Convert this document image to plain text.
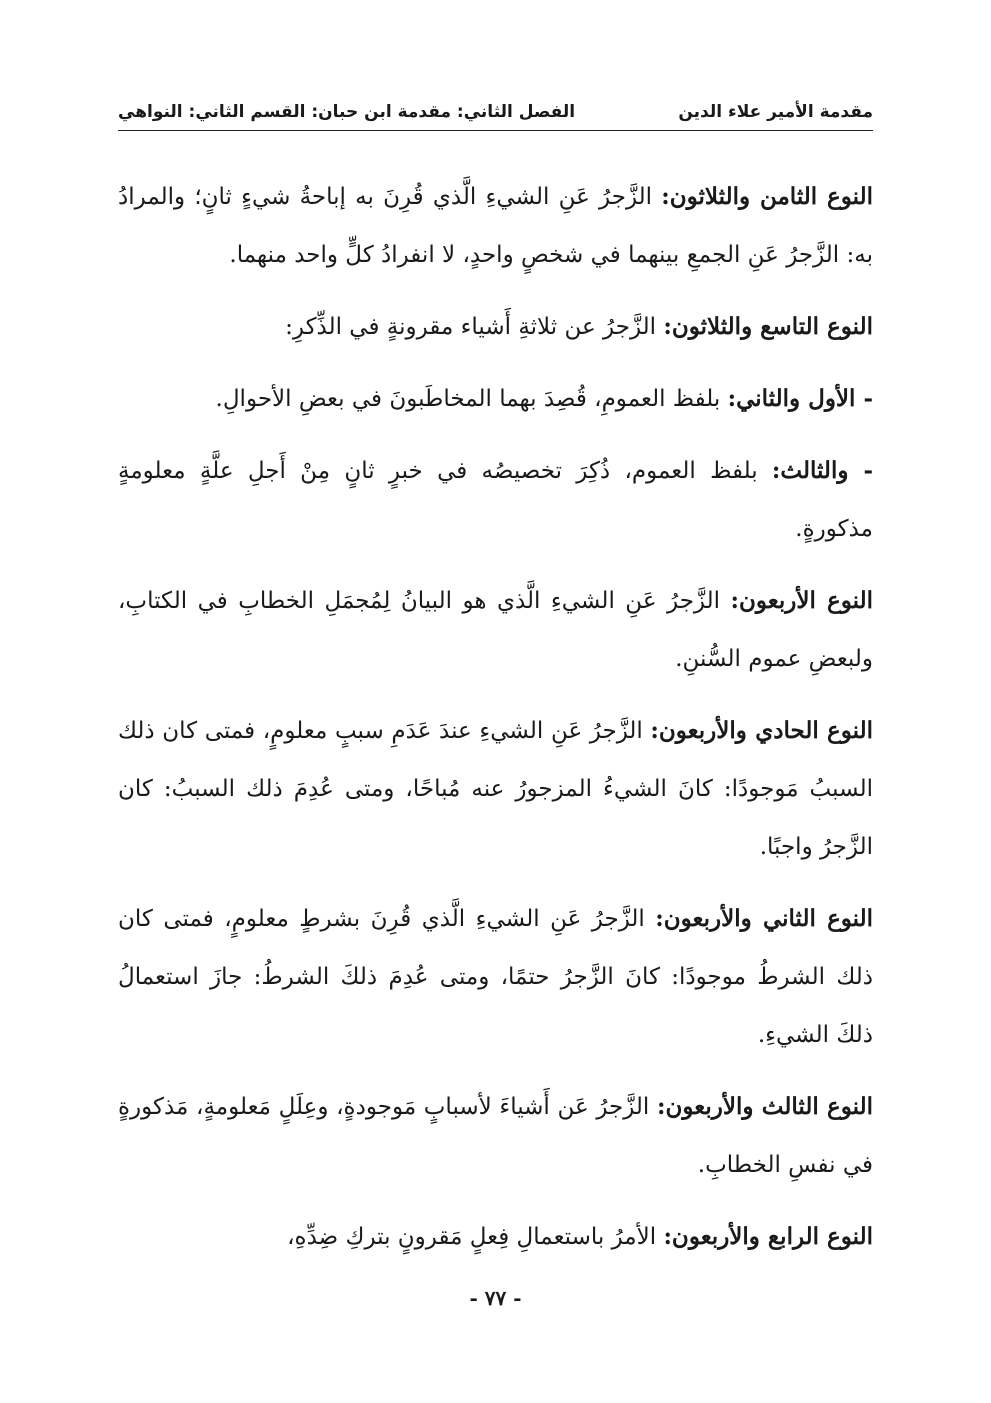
مقدمة الأمير علاء الدين
الفصل الثاني: مقدمة ابن حبان: القسم الثاني: النواهي

النوع الثامن والثلاثون: الزَّجرُ عَنِ الشيءِ الَّذي قُرِنَ به إباحةُ شيءٍ ثانٍ؛ والمرادُ به: الزَّجرُ عَنِ الجمعِ بينهما في شخصٍ واحدٍ، لا انفرادُ كلٍّ واحد منهما.

النوع التاسع والثلاثون: الزَّجرُ عن ثلاثةِ أَشياء مقرونةٍ في الذِّكرِ:

- الأول والثاني: بلفظ العمومِ، قُصِدَ بهما المخاطَبونَ في بعضِ الأحوالِ.

- والثالث: بلفظ العموم، ذُكِرَ تخصيصُه في خبرٍ ثانٍ مِنْ أَجلِ علَّةٍ معلومةٍ مذكورةٍ.

النوع الأربعون: الزَّجرُ عَنِ الشيءِ الَّذي هو البيانُ لِمُجمَلِ الخطابِ في الكتابِ، ولبعضِ عموم السُّننِ.

النوع الحادي والأربعون: الزَّجرُ عَنِ الشيءِ عندَ عَدَمِ سببٍ معلومٍ، فمتى كان ذلك السببُ مَوجودًا: كانَ الشيءُ المزجورُ عنه مُباحًا، ومتى عُدِمَ ذلك السببُ: كان الزَّجرُ واجبًا.

النوع الثاني والأربعون: الزَّجرُ عَنِ الشيءِ الَّذي قُرِنَ بشرطٍ معلومٍ، فمتى كان ذلك الشرطُ موجودًا: كانَ الزَّجرُ حتمًا، ومتى عُدِمَ ذلكَ الشرطُ: جازَ استعمالُ ذلكَ الشيءِ.

النوع الثالث والأربعون: الزَّجرُ عَن أَشياءَ لأسبابٍ مَوجودةٍ، وعِلَلٍ مَعلومةٍ، مَذكورةٍ في نفسِ الخطابِ.

النوع الرابع والأربعون: الأمرُ باستعمالِ فِعلٍ مَقرونٍ بتركِ ضِدِّهِ،

- ٧٧ -
